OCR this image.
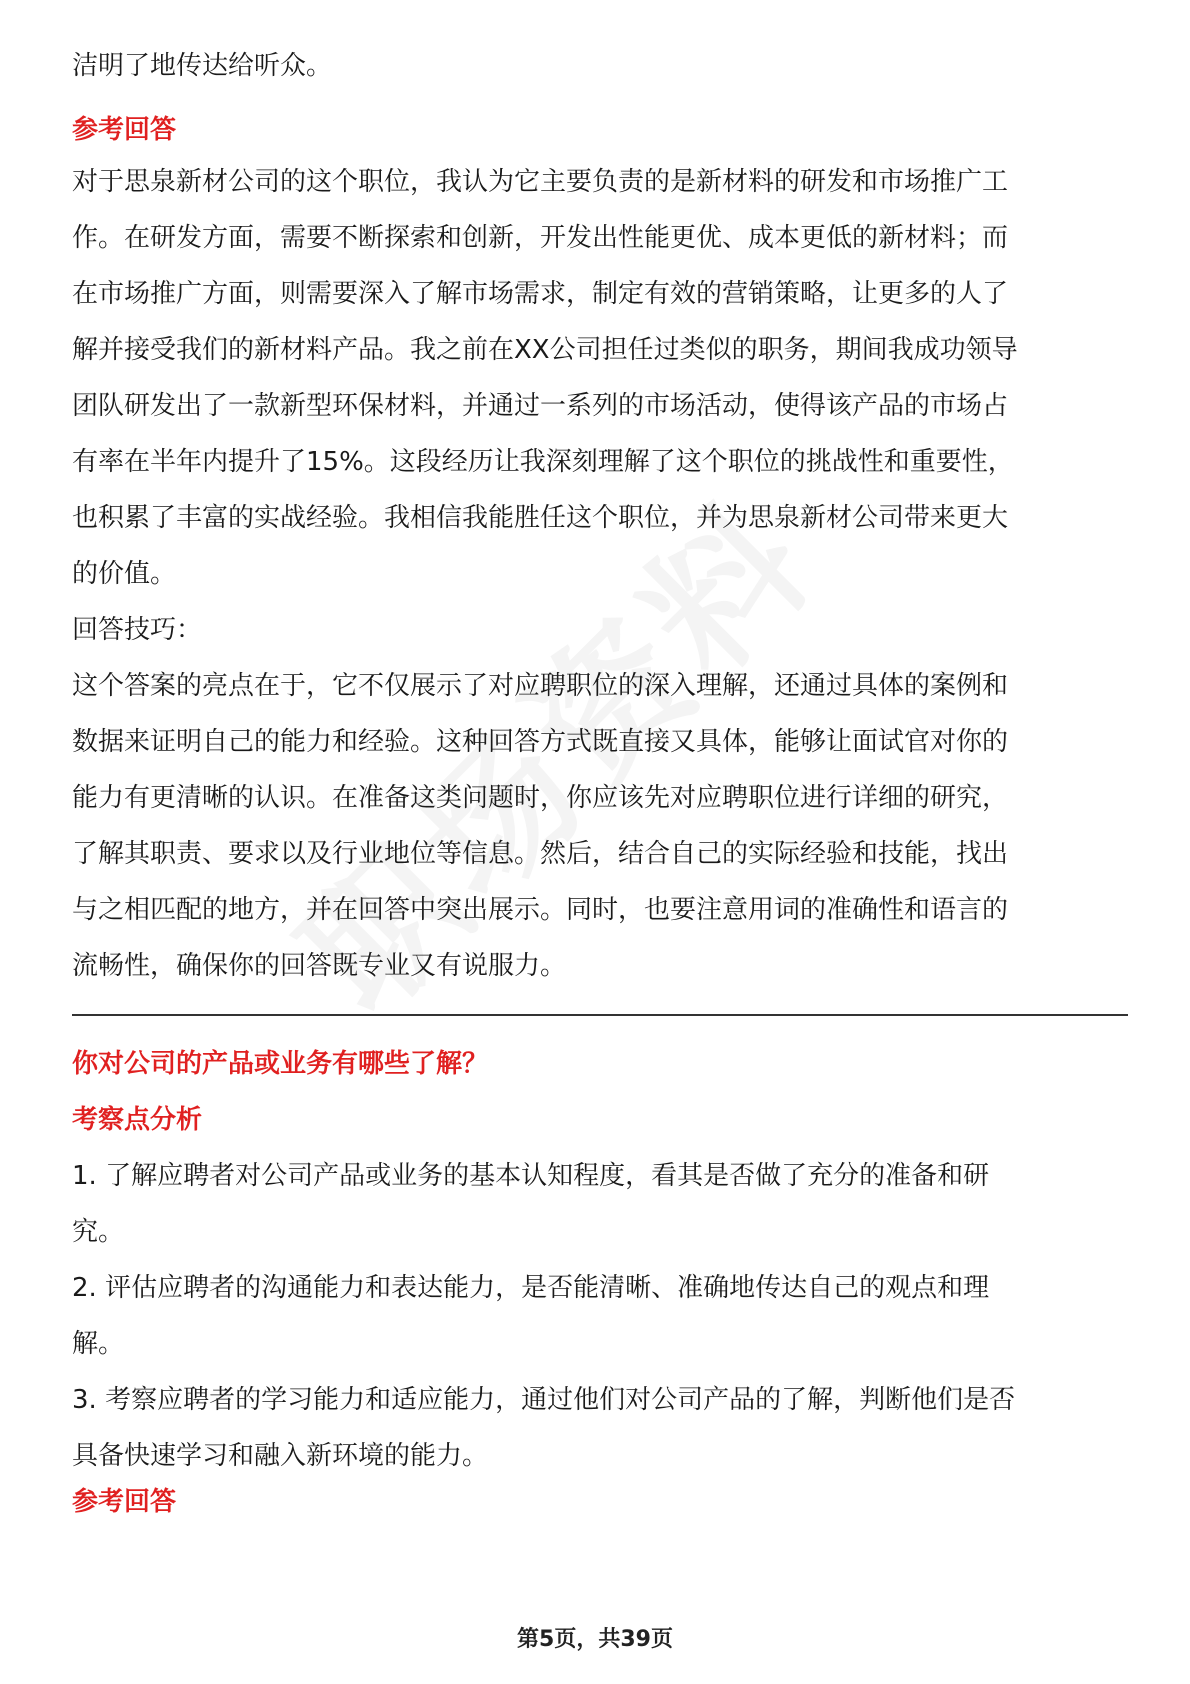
洁明了地传达给听众。
参考回答
对于思泉新材公司的这个职位，我认为它主要负责的是新材料的研发和市场推广工
作。在研发方面，需要不断探索和创新，开发出性能更优、成本更低的新材料；而
在市场推广方面，则需要深入了解市场需求，制定有效的营销策略，让更多的人了
解并接受我们的新材料产品。我之前在XX公司担任过类似的职务，期间我成功领导
团队研发出了一款新型环保材料，并通过一系列的市场活动，使得该产品的市场占
有率在半年内提升了15%。这段经历让我深刻理解了这个职位的挑战性和重要性，
也积累了丰富的实战经验。我相信我能胜任这个职位，并为思泉新材公司带来更大
的价值。
回答技巧：
这个答案的亮点在于，它不仅展示了对应聘职位的深入理解，还通过具体的案例和
数据来证明自己的能力和经验。这种回答方式既直接又具体，能够让面试官对你的
能力有更清晰的认识。在准备这类问题时，你应该先对应聘职位进行详细的研究，
了解其职责、要求以及行业地位等信息。然后，结合自己的实际经验和技能，找出
与之相匹配的地方，并在回答中突出展示。同时，也要注意用词的准确性和语言的
流畅性，确保你的回答既专业又有说服力。
你对公司的产品或业务有哪些了解？
考察点分析
1. 了解应聘者对公司产品或业务的基本认知程度，看其是否做了充分的准备和研
究。
2. 评估应聘者的沟通能力和表达能力，是否能清晰、准确地传达自己的观点和理
解。
3. 考察应聘者的学习能力和适应能力，通过他们对公司产品的了解，判断他们是否
具备快速学习和融入新环境的能力。
参考回答
第5页，共39页
